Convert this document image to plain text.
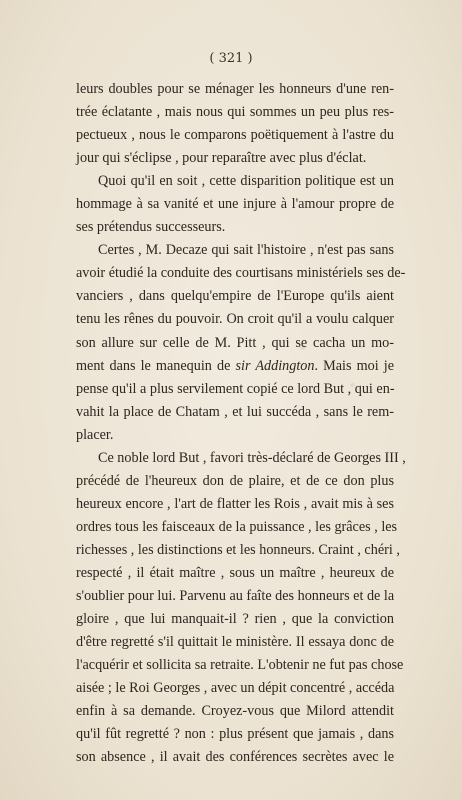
( 321 )
leurs doubles pour se ménager les honneurs d'une ren-
trée éclatante , mais nous qui sommes un peu plus res-
pectueux , nous le comparons poëtiquement à l'astre du
jour qui s'éclipse , pour reparaître avec plus d'éclat.
Quoi qu'il en soit , cette disparition politique est un
hommage à sa vanité et une injure à l'amour propre de
ses prétendus successeurs.
Certes , M. Decaze qui sait l'histoire , n'est pas sans
avoir étudié la conduite des courtisans ministériels ses de-
vanciers , dans quelqu'empire de l'Europe qu'ils aient
tenu les rênes du pouvoir. On croit qu'il a voulu calquer
son allure sur celle de M. Pitt , qui se cacha un mo-
ment dans le manequin de sir Addington. Mais moi je
pense qu'il a plus servilement copié ce lord But , qui en-
vahit la place de Chatam , et lui succéda , sans le rem-
placer.
Ce noble lord But , favori très-déclaré de Georges III ,
précédé de l'heureux don de plaire, et de ce don plus
heureux encore , l'art de flatter les Rois , avait mis à ses
ordres tous les faisceaux de la puissance , les grâces , les
richesses , les distinctions et les honneurs. Craint , chéri ,
respecté , il était maître , sous un maître , heureux de
s'oublier pour lui. Parvenu au faîte des honneurs et de la
gloire , que lui manquait-il ? rien , que la conviction
d'être regretté s'il quittait le ministère. Il essaya donc de
l'acquérir et sollicita sa retraite. L'obtenir ne fut pas chose
aisée ; le Roi Georges , avec un dépit concentré , accéda
enfin à sa demande. Croyez-vous que Milord attendit
qu'il fût regretté ? non : plus présent que jamais , dans
son absence , il avait des conférences secrètes avec le
